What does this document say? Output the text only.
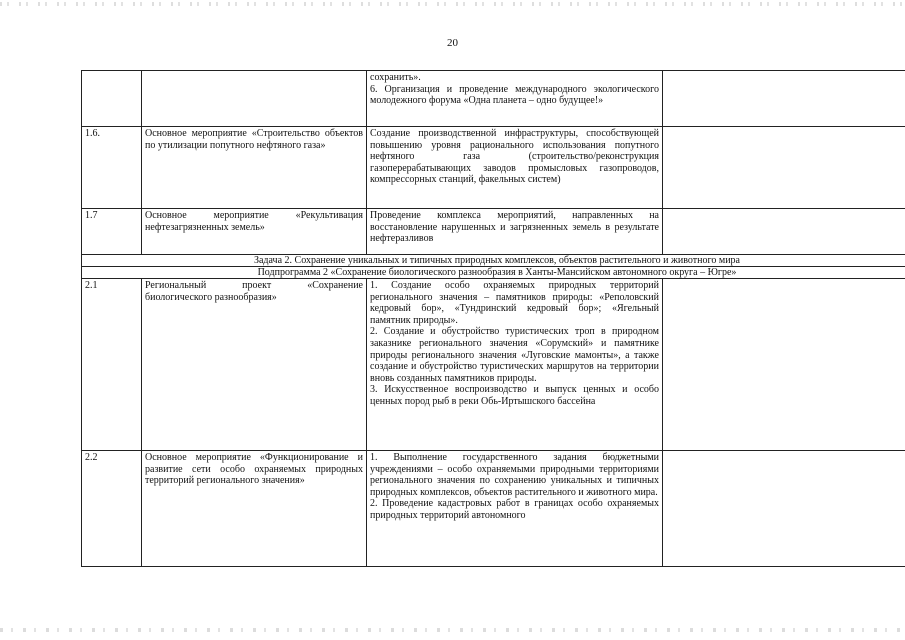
20
		сохранить».
6. Организация и проведение международного экологического молодежного форума «Одна планета – одно будущее!»	
1.6.	Основное мероприятие «Строительство объектов по утилизации попутного нефтяного газа»	Создание производственной инфраструктуры, способствующей повышению уровня рационального использования попутного нефтяного газа (строительство/реконструкция газоперерабатывающих заводов промысловых газопроводов, компрессорных станций, факельных систем)	
1.7	Основное мероприятие «Рекультивация нефтезагрязненных земель»	Проведение комплекса мероприятий, направленных на восстановление нарушенных и загрязненных земель в результате нефтеразливов	
Задача 2. Сохранение уникальных и типичных природных комплексов, объектов растительного и животного мира			
Подпрограмма 2 «Сохранение биологического разнообразия в Ханты-Мансийском автономного округа – Югре»			
2.1	Региональный проект «Сохранение биологического разнообразия»	1. Создание особо охраняемых природных территорий регионального значения – памятников природы: «Реполовский кедровый бор», «Тундринский кедровый бор»; «Ягельный памятник природы».
2. Создание и обустройство туристических троп в природном заказнике регионального значения «Сорумский» и памятнике природы регионального значения «Луговские мамонты», а также создание и обустройство туристических маршрутов на территории вновь созданных памятников природы.
3. Искусственное воспроизводство и выпуск ценных и особо ценных пород рыб в реки Обь-Иртышского бассейна	

2.2	Основное мероприятие «Функционирование и развитие сети особо охраняемых природных территорий регионального значения»	1. Выполнение государственного задания бюджетными учреждениями – особо охраняемыми природными территориями регионального значения по сохранению уникальных и типичных природных комплексов, объектов растительного и животного мира.
2. Проведение кадастровых работ в границах особо охраняемых природных территорий автономного	
